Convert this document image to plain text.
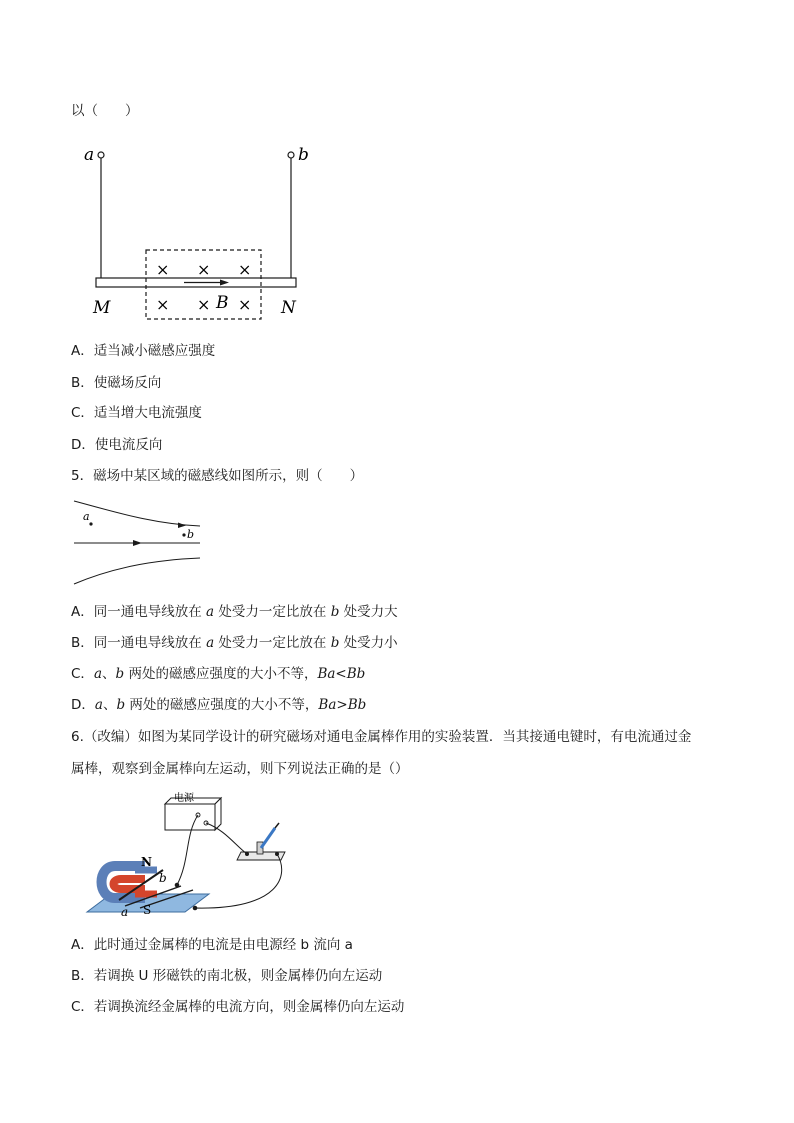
以（　　）
a	b
× × ×
× × ×
M	N
B
A．适当减小磁感应强度
B．使磁场反向
C．适当增大电流强度
D．使电流反向
5．磁场中某区域的磁感线如图所示，则（　　）
a
b
A．同一通电导线放在 a 处受力一定比放在 b 处受力大
B．同一通电导线放在 a 处受力一定比放在 b 处受力小
C．a、b 两处的磁感应强度的大小不等，Ba<Bb
D．a、b 两处的磁感应强度的大小不等，Ba>Bb
6.（改编）如图为某同学设计的研究磁场对通电金属棒作用的实验装置．当其接通电键时，有电流通过金
属棒，观察到金属棒向左运动，则下列说法正确的是（）
电源
N
b
a S
A．此时通过金属棒的电流是由电源经 b 流向 a
B．若调换 U 形磁铁的南北极，则金属棒仍向左运动
C．若调换流经金属棒的电流方向，则金属棒仍向左运动
